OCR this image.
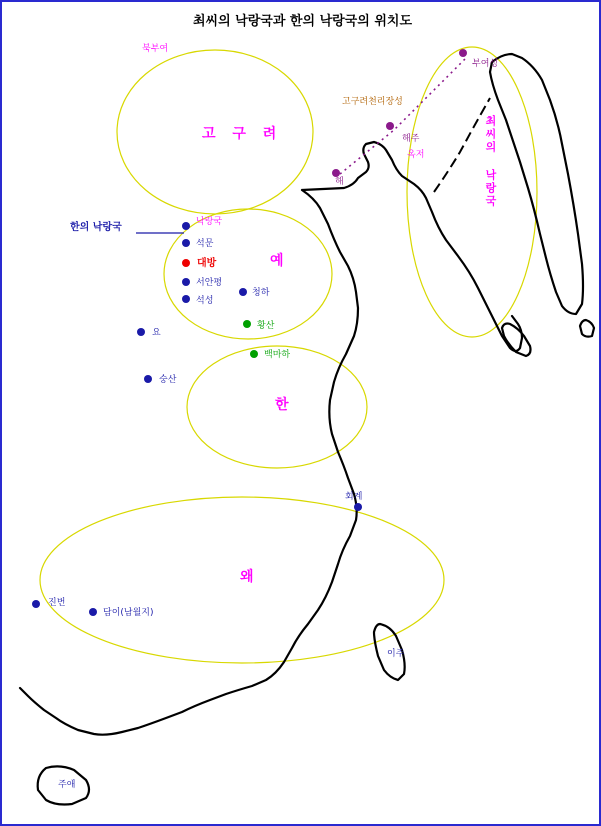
최씨의 낙랑국과 한의 낙랑국의 위치도
고 구 려
예
한
왜
최씨의 낙랑국
북부여
부여성
고구려천리장성
해주
옥저
해
한의 낙랑국	낙랑국
석문
대방
서안평
석성
청하
황산
요
백마하
숭산
회계
진번
담이(남월지)
이주
주애
